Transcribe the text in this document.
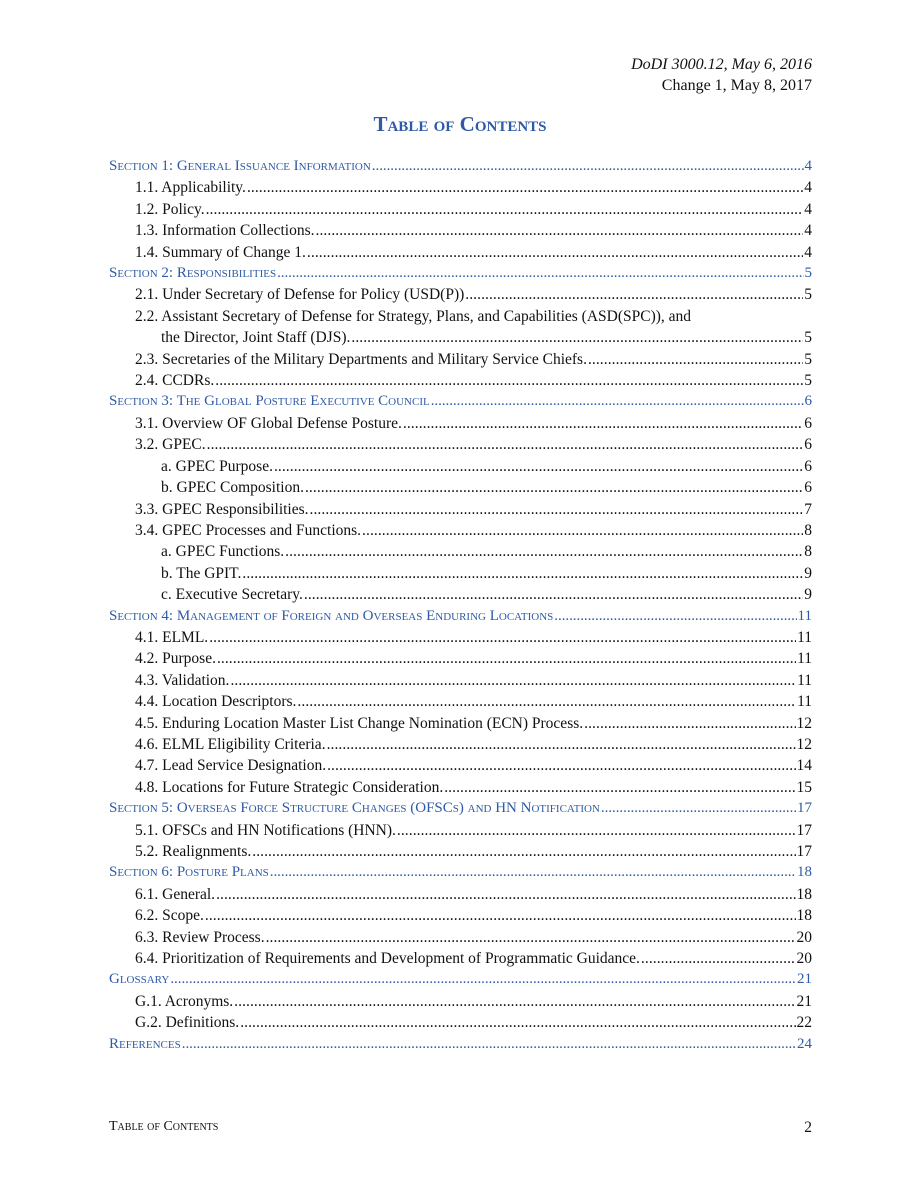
DoDI 3000.12, May 6, 2016
Change 1, May 8, 2017
Table of Contents
Section 1: General Issuance Information . . .	4
1.1. Applicability. . . .	4
1.2. Policy. . . .	4
1.3. Information Collections. . . .	4
1.4. Summary of Change 1. . . .	4
Section 2: Responsibilities . . .	5
2.1. Under Secretary of Defense for Policy (USD(P)) . . .	5
2.2. Assistant Secretary of Defense for Strategy, Plans, and Capabilities (ASD(SPC)), and
the Director, Joint Staff (DJS). . . .	5
2.3. Secretaries of the Military Departments and Military Service Chiefs. . . .	5
2.4. CCDRs. . . .	5
Section 3: The Global Posture Executive Council . . .	6
3.1. Overview OF Global Defense Posture. . . .	6
3.2. GPEC. . . .	6
a. GPEC Purpose. . . .	6
b. GPEC Composition. . . .	6
3.3. GPEC Responsibilities. . . .	7
3.4. GPEC Processes and Functions. . . .	8
a. GPEC Functions. . . .	8
b. The GPIT. . . .	9
c. Executive Secretary. . . .	9
Section 4: Management of Foreign and Overseas Enduring Locations . . .	11
4.1. ELML. . . .	11
4.2. Purpose. . . .	11
4.3. Validation. . . .	11
4.4. Location Descriptors. . . .	11
4.5. Enduring Location Master List Change Nomination (ECN) Process. . . .	12
4.6. ELML Eligibility Criteria. . . .	12
4.7. Lead Service Designation. . . .	14
4.8. Locations for Future Strategic Consideration. . . .	15
Section 5: Overseas Force Structure Changes (OFSCs) and HN Notification . . .	17
5.1. OFSCs and HN Notifications (HNN). . . .	17
5.2. Realignments. . . .	17
Section 6: Posture Plans . . .	18
6.1. General. . . .	18
6.2. Scope. . . .	18
6.3. Review Process. . . .	20
6.4. Prioritization of Requirements and Development of Programmatic Guidance. . . .	20
Glossary . . .	21
G.1. Acronyms. . . .	21
G.2. Definitions. . . .	22
References . . .	24
Table of Contents	2
